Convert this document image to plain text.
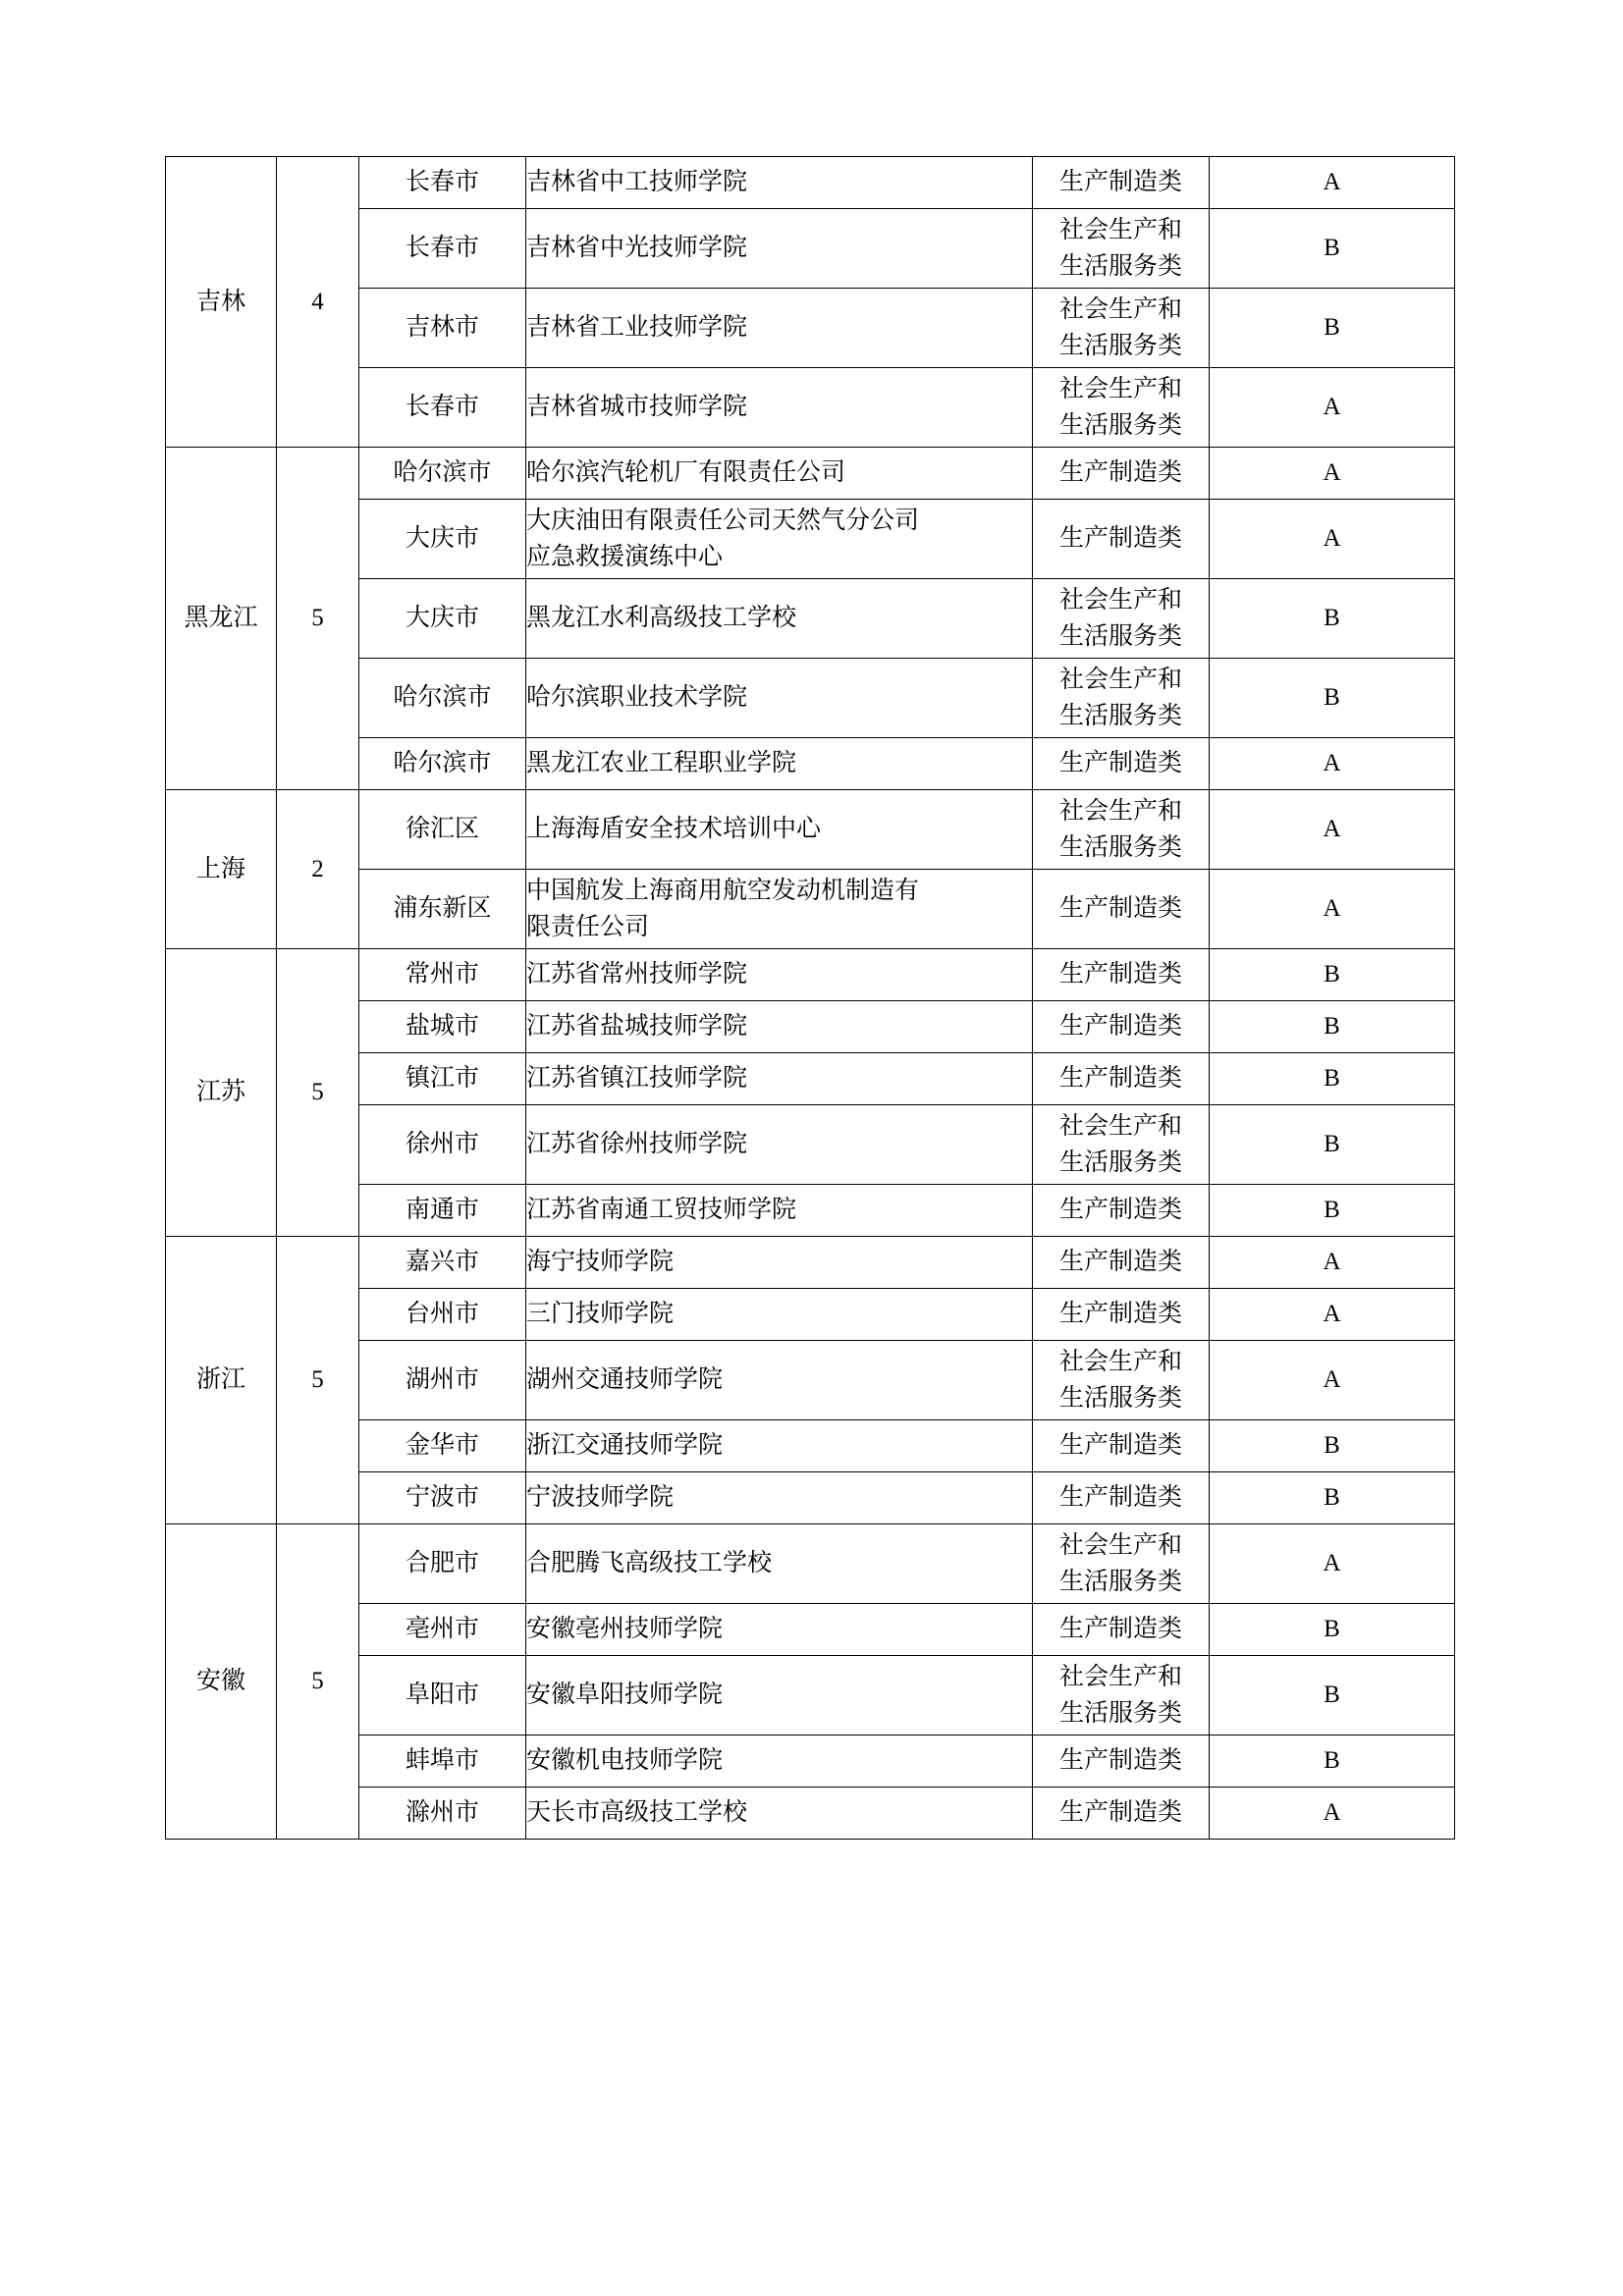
吉林	4	长春市	吉林省中工技师学院	生产制造类	A
		长春市	吉林省中光技师学院	社会生产和
生活服务类	B
		吉林市	吉林省工业技师学院	社会生产和
生活服务类	B
		长春市	吉林省城市技师学院	社会生产和
生活服务类	A
黑龙江	5	哈尔滨市	哈尔滨汽轮机厂有限责任公司	生产制造类	A
		大庆市	大庆油田有限责任公司天然气分公司
应急救援演练中心	生产制造类	A
		大庆市	黑龙江水利高级技工学校	社会生产和
生活服务类	B
		哈尔滨市	哈尔滨职业技术学院	社会生产和
生活服务类	B
		哈尔滨市	黑龙江农业工程职业学院	生产制造类	A
上海	2	徐汇区	上海海盾安全技术培训中心	社会生产和
生活服务类	A
		浦东新区	中国航发上海商用航空发动机制造有
限责任公司	生产制造类	A
江苏	5	常州市	江苏省常州技师学院	生产制造类	B
		盐城市	江苏省盐城技师学院	生产制造类	B
		镇江市	江苏省镇江技师学院	生产制造类	B
		徐州市	江苏省徐州技师学院	社会生产和
生活服务类	B
		南通市	江苏省南通工贸技师学院	生产制造类	B
浙江	5	嘉兴市	海宁技师学院	生产制造类	A
		台州市	三门技师学院	生产制造类	A
		湖州市	湖州交通技师学院	社会生产和
生活服务类	A
		金华市	浙江交通技师学院	生产制造类	B
		宁波市	宁波技师学院	生产制造类	B
安徽	5	合肥市	合肥腾飞高级技工学校	社会生产和
生活服务类	A
		亳州市	安徽亳州技师学院	生产制造类	B
		阜阳市	安徽阜阳技师学院	社会生产和
生活服务类	B
		蚌埠市	安徽机电技师学院	生产制造类	B
		滁州市	天长市高级技工学校	生产制造类	A
